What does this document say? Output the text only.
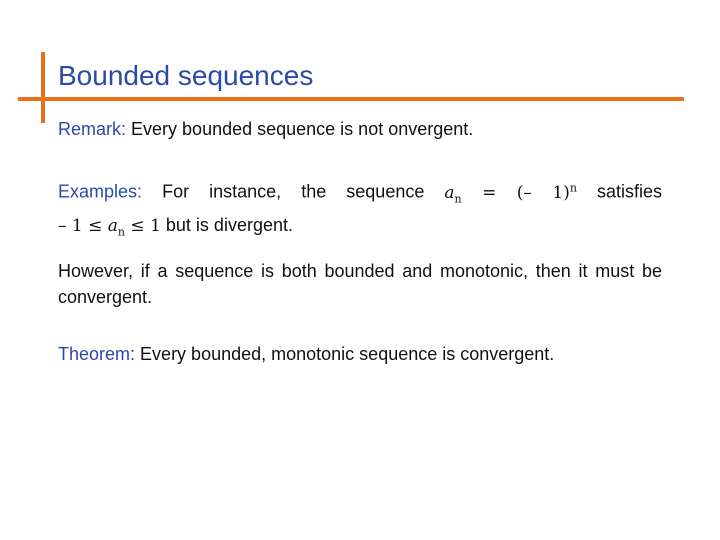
Bounded sequences
Remark: Every bounded sequence is not onvergent.
Examples: For instance, the sequence $a_n$ = (– 1)$^n$ satisfies
– $1 \le a_n \le 1$ but is divergent.
However, if a sequence is both bounded and monotonic, then it must be convergent.
Theorem: Every bounded, monotonic sequence is convergent.
